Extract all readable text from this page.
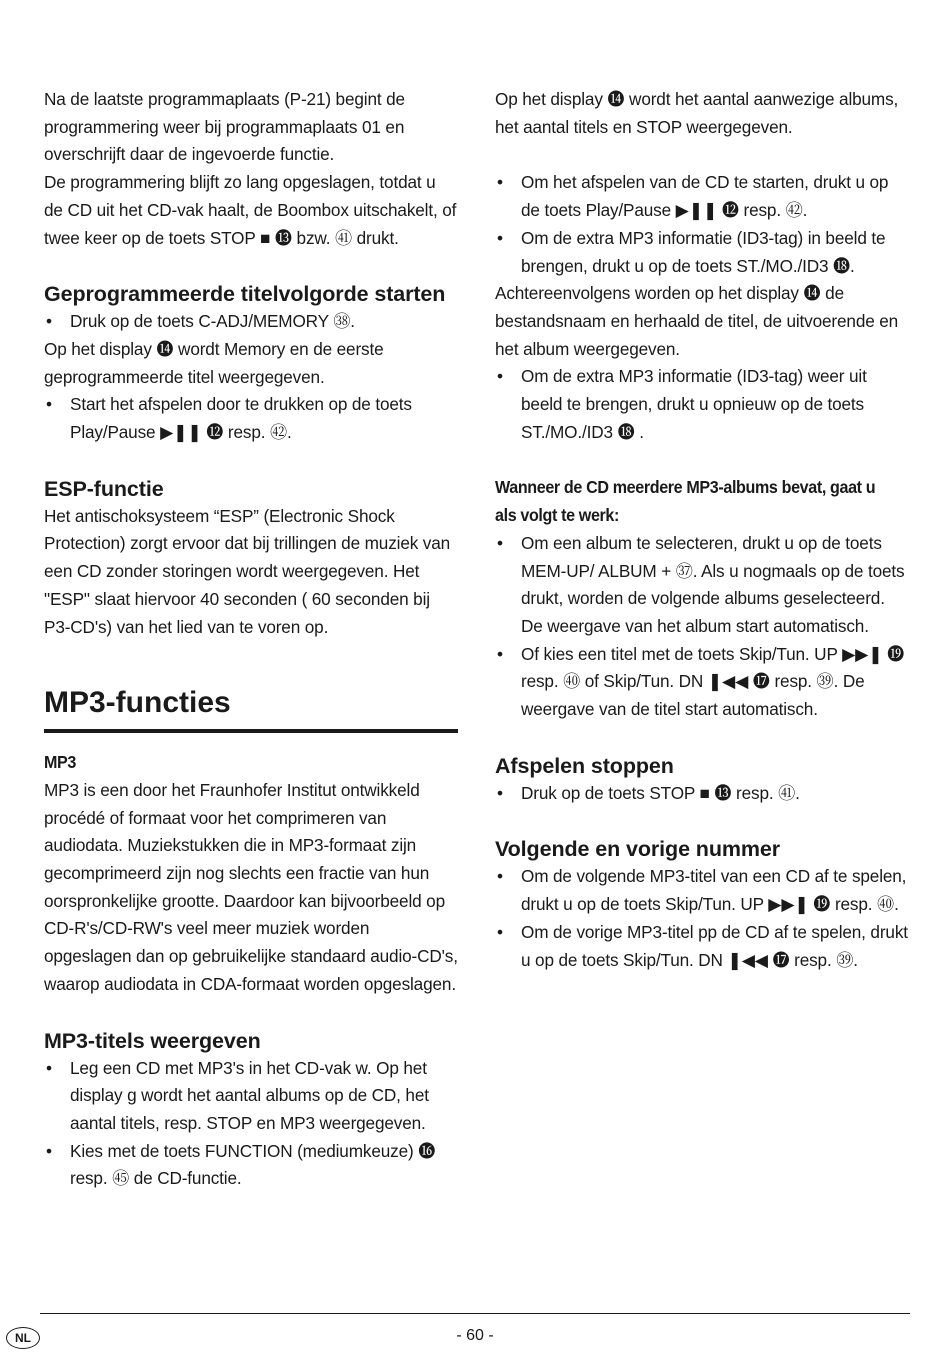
Na de laatste programmaplaats (P-21) begint de programmering weer bij programmaplaats 01 en overschrijft daar de ingevoerde functie.

De programmering blijft zo lang opgeslagen, totdat u de CD uit het CD-vak haalt, de Boombox uitschakelt, of twee keer op de toets STOP ■ ⓭ bzw. ㊶ drukt.

Geprogrammeerde titelvolgorde starten
• Druk op de toets C-ADJ/MEMORY ㊳.

Op het display ⓮ wordt Memory en de eerste geprogrammeerde titel weergegeven.

• Start het afspelen door te drukken op de toets Play/Pause ▶❚❚ ⓬ resp. ㊷.
ESP-functie

Het antischoksysteem “ESP” (Electronic Shock Protection) zorgt ervoor dat bij trillingen de muziek van een CD zonder storingen wordt weergegeven. Het "ESP" slaat hiervoor 40 seconden ( 60 seconden bij P3-CD's) van het lied van te voren op.

MP3-functies
MP3

MP3 is een door het Fraunhofer Institut ontwikkeld procédé of formaat voor het comprimeren van audiodata. Muziekstukken die in MP3-formaat zijn gecomprimeerd zijn nog slechts een fractie van hun oorspronkelijke grootte. Daardoor kan bijvoorbeeld op CD-R's/CD-RW's veel meer muziek worden opgeslagen dan op gebruikelijke standaard audio-CD's, waarop audiodata in CDA-formaat worden opgeslagen.

MP3-titels weergeven
• Leg een CD met MP3's in het CD-vak w. Op het display g wordt het aantal albums op de CD, het aantal titels, resp. STOP en MP3 weergegeven.
• Kies met de toets FUNCTION (mediumkeuze) ⓰ resp. ㊺ de CD-functie.

Op het display ⓮ wordt het aantal aanwezige albums, het aantal titels en STOP weergegeven.

• Om het afspelen van de CD te starten, drukt u op de toets Play/Pause ▶❚❚ ⓬ resp. ㊷.
• Om de extra MP3 informatie (ID3-tag) in beeld te brengen, drukt u op de toets ST./MO./ID3 ⓲.

Achtereenvolgens worden op het display ⓮ de bestandsnaam en herhaald de titel, de uitvoerende en het album weergegeven.

• Om de extra MP3 informatie (ID3-tag) weer uit beeld te brengen, drukt u opnieuw op de toets ST./MO./ID3 ⓲ .
Wanneer de CD meerdere MP3-albums bevat, gaat u als volgt te werk:
• Om een album te selecteren, drukt u op de toets MEM-UP/ ALBUM + ㊲. Als u nogmaals op de toets drukt, worden de volgende albums geselecteerd. De weergave van het album start automatisch.
• Of kies een titel met de toets Skip/Tun. UP ▶▶❚ ⓳ resp. ㊵ of Skip/Tun. DN ❚◀◀ ⓱ resp. ㊴. De weergave van de titel start automatisch.
Afspelen stoppen
• Druk op de toets STOP ■ ⓭ resp. ㊶.
Volgende en vorige nummer
• Om de volgende MP3-titel van een CD af te spelen, drukt u op de toets Skip/Tun. UP ▶▶❚ ⓳ resp. ㊵.
• Om de vorige MP3-titel pp de CD af te spelen, drukt u op de toets Skip/Tun. DN ❚◀◀ ⓱ resp. ㊴.
NL	- 60 -
